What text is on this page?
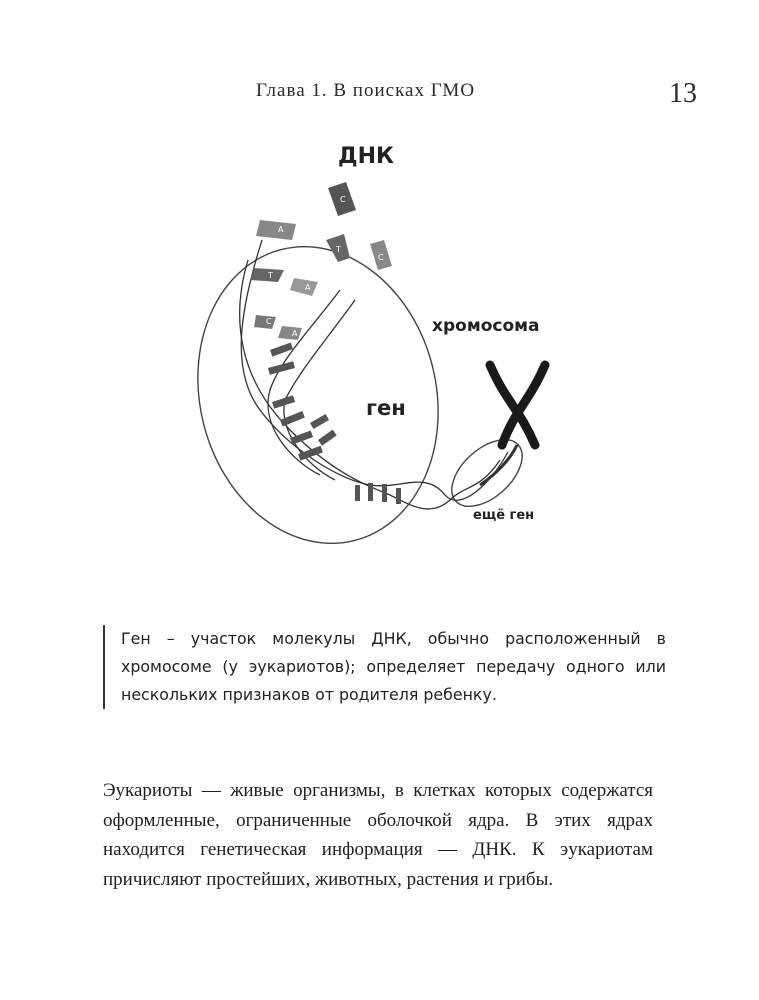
Глава 1. В поисках ГМО	13
C
A
T
C
T
A
C
A
ДНК
хромосома
ген
ещё ген
Ген – участок молекулы ДНК, обычно расположенный в хромосоме (у эукариотов); определяет передачу одного или нескольких признаков от родителя ребенку.
Эукариоты — живые организмы, в клетках которых содержатся оформленные, ограниченные оболочкой ядра. В этих ядрах находится генетическая информация — ДНК. К эукариотам причисляют простейших, животных, растения и грибы.
